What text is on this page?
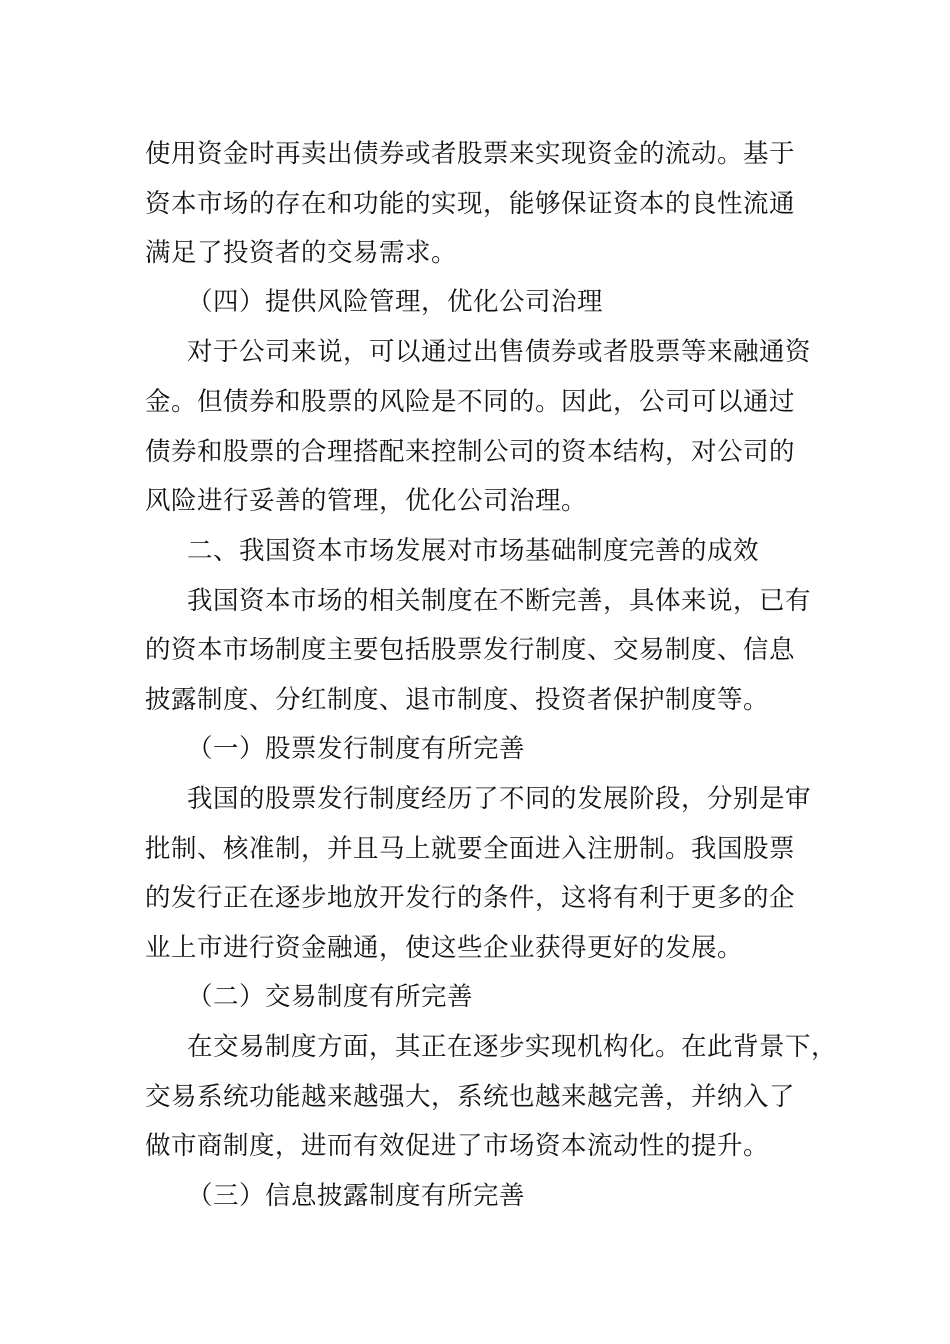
使用资金时再卖出债券或者股票来实现资金的流动。基于
资本市场的存在和功能的实现，能够保证资本的良性流通
满足了投资者的交易需求。
（四）提供风险管理，优化公司治理
对于公司来说，可以通过出售债券或者股票等来融通资
金。但债券和股票的风险是不同的。因此，公司可以通过
债券和股票的合理搭配来控制公司的资本结构，对公司的
风险进行妥善的管理，优化公司治理。
二、我国资本市场发展对市场基础制度完善的成效
我国资本市场的相关制度在不断完善，具体来说，已有
的资本市场制度主要包括股票发行制度、交易制度、信息
披露制度、分红制度、退市制度、投资者保护制度等。
（一）股票发行制度有所完善
我国的股票发行制度经历了不同的发展阶段，分别是审
批制、核准制，并且马上就要全面进入注册制。我国股票
的发行正在逐步地放开发行的条件，这将有利于更多的企
业上市进行资金融通，使这些企业获得更好的发展。
（二）交易制度有所完善
在交易制度方面，其正在逐步实现机构化。在此背景下，
交易系统功能越来越强大，系统也越来越完善，并纳入了
做市商制度，进而有效促进了市场资本流动性的提升。
（三）信息披露制度有所完善
